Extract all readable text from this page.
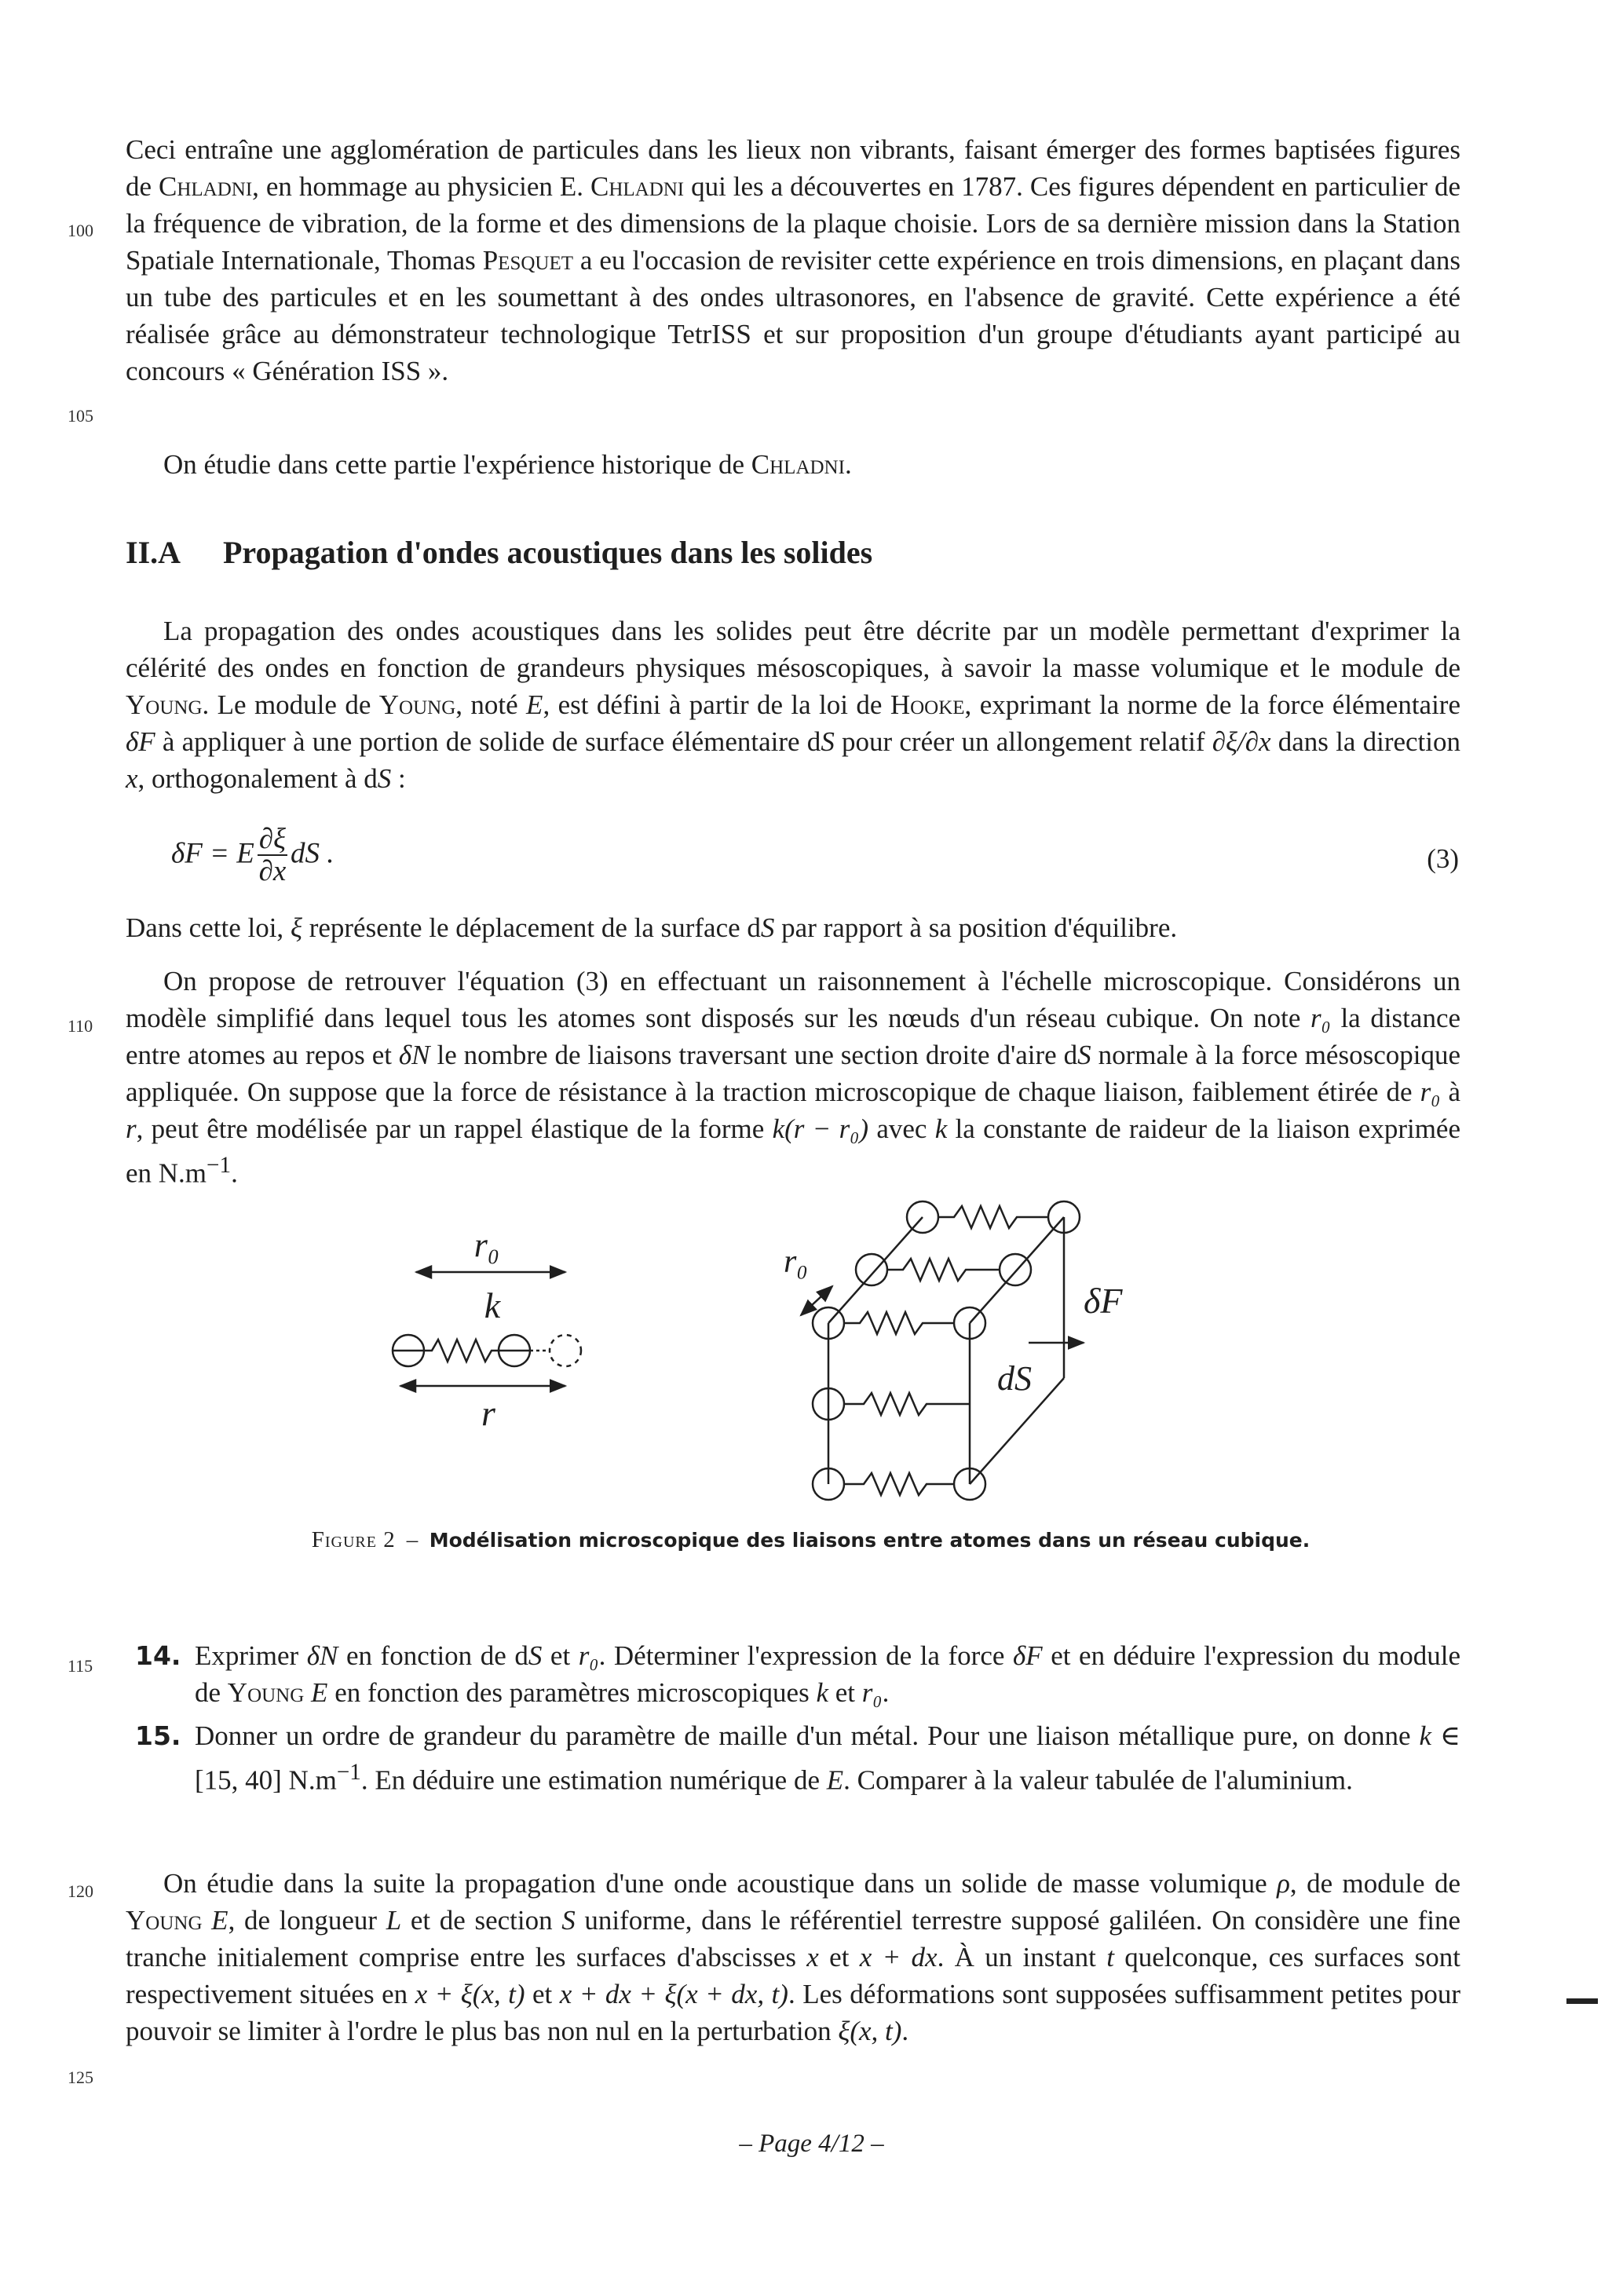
100
105
110
115
120
125
Ceci entraîne une agglomération de particules dans les lieux non vibrants, faisant émerger des formes baptisées figures de Chladni, en hommage au physicien E. Chladni qui les a découvertes en 1787. Ces figures dépendent en particulier de la fréquence de vibration, de la forme et des dimensions de la plaque choisie. Lors de sa dernière mission dans la Station Spatiale Internationale, Thomas Pesquet a eu l'occasion de revisiter cette expérience en trois dimensions, en plaçant dans un tube des particules et en les soumettant à des ondes ultrasonores, en l'absence de gravité. Cette expérience a été réalisée grâce au démonstrateur technologique TetrISS et sur proposition d'un groupe d'étudiants ayant participé au concours « Génération ISS ».
On étudie dans cette partie l'expérience historique de Chladni.
II.A Propagation d'ondes acoustiques dans les solides
La propagation des ondes acoustiques dans les solides peut être décrite par un modèle permettant d'exprimer la célérité des ondes en fonction de grandeurs physiques mésoscopiques, à savoir la masse volumique et le module de Young. Le module de Young, noté E, est défini à partir de la loi de Hooke, exprimant la norme de la force élémentaire δF à appliquer à une portion de solide de surface élémentaire dS pour créer un allongement relatif ∂ξ/∂x dans la direction x, orthogonalement à dS :
δF = E $\frac{\partial\xi}{\partial x}$ dS .	(3)
Dans cette loi, ξ représente le déplacement de la surface dS par rapport à sa position d'équilibre.
On propose de retrouver l'équation (3) en effectuant un raisonnement à l'échelle microscopique. Considérons un modèle simplifié dans lequel tous les atomes sont disposés sur les nœuds d'un réseau cubique. On note r₀ la distance entre atomes au repos et δN le nombre de liaisons traversant une section droite d'aire dS normale à la force mésoscopique appliquée. On suppose que la force de résistance à la traction microscopique de chaque liaison, faiblement étirée de r₀ à r, peut être modélisée par un rappel élastique de la forme k(r − r₀) avec k la constante de raideur de la liaison exprimée en $N.m^{-1}$.
r₀
k
r
r₀
δF
dS
Figure 2 – Modélisation microscopique des liaisons entre atomes dans un réseau cubique.
14. Exprimer δN en fonction de dS et r₀. Déterminer l'expression de la force δF et en déduire l'expression du module de Young E en fonction des paramètres microscopiques k et r₀.
15. Donner un ordre de grandeur du paramètre de maille d'un métal. Pour une liaison métallique pure, on donne k ∈ [15, 40] $N.m^{-1}$. En déduire une estimation numérique de E. Comparer à la valeur tabulée de l'aluminium.
On étudie dans la suite la propagation d'une onde acoustique dans un solide de masse volumique ρ, de module de Young E, de longueur L et de section S uniforme, dans le référentiel terrestre supposé galiléen. On considère une fine tranche initialement comprise entre les surfaces d'abscisses x et x + dx. À un instant t quelconque, ces surfaces sont respectivement situées en x + ξ(x, t) et x + dx + ξ(x + dx, t). Les déformations sont supposées suffisamment petites pour pouvoir se limiter à l'ordre le plus bas non nul en la perturbation ξ(x, t).
– Page 4/12 –
